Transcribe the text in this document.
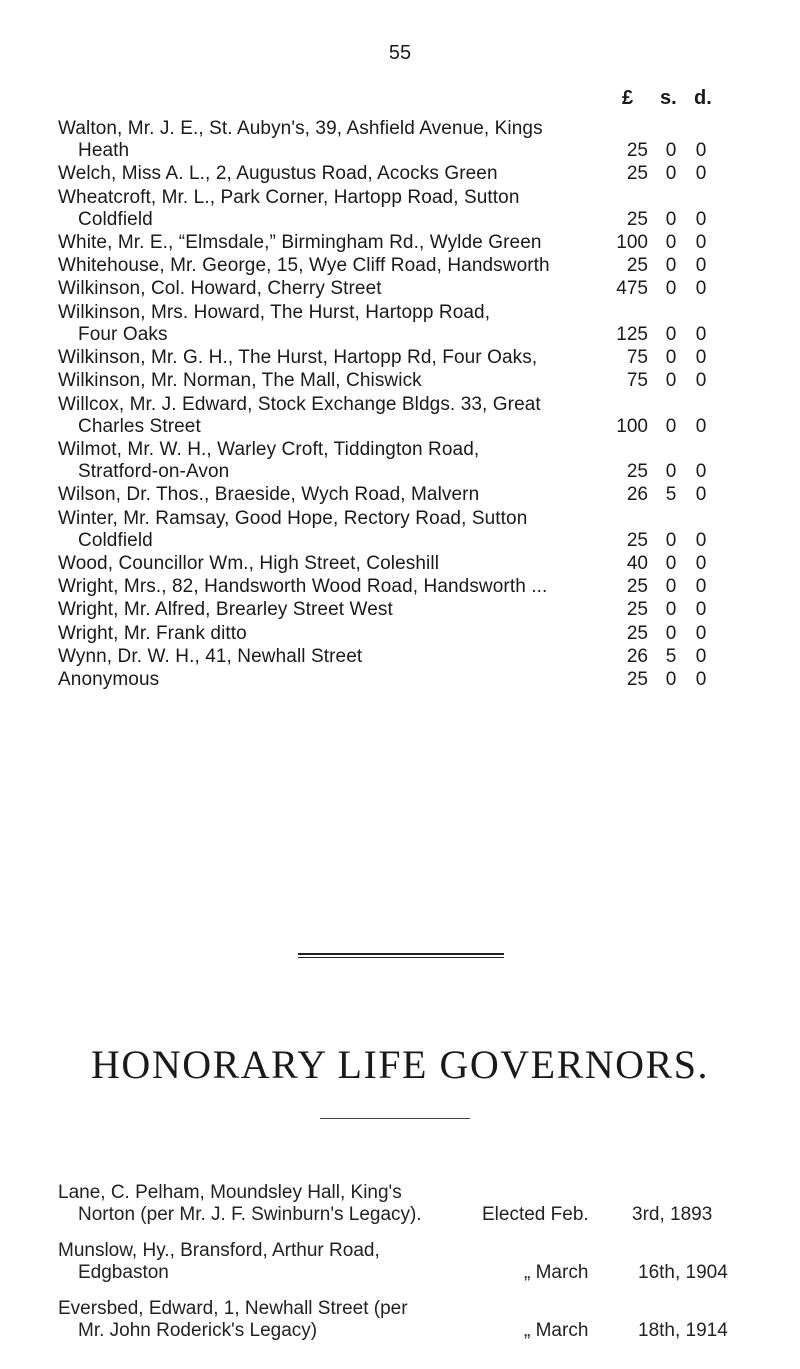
55
£ s. d.
Walton, Mr. J. E., St. Aubyn's, 39, Ashfield Avenue, Kings
Heath	25 0 0
Welch, Miss A. L., 2, Augustus Road, Acocks Green	25 0 0
Wheatcroft, Mr. L., Park Corner, Hartopp Road, Sutton
Coldfield	25 0 0
White, Mr. E., “Elmsdale,” Birmingham Rd., Wylde Green	100 0 0
Whitehouse, Mr. George, 15, Wye Cliff Road, Handsworth	25 0 0
Wilkinson, Col. Howard, Cherry Street	475 0 0
Wilkinson, Mrs. Howard, The Hurst, Hartopp Road,
Four Oaks	125 0 0
Wilkinson, Mr. G. H., The Hurst, Hartopp Rd, Four Oaks,	75 0 0
Wilkinson, Mr. Norman, The Mall, Chiswick	75 0 0
Willcox, Mr. J. Edward, Stock Exchange Bldgs. 33, Great
Charles Street	100 0 0
Wilmot, Mr. W. H., Warley Croft, Tiddington Road,
Stratford-on-Avon	25 0 0
Wilson, Dr. Thos., Braeside, Wych Road, Malvern	26 5 0
Winter, Mr. Ramsay, Good Hope, Rectory Road, Sutton
Coldfield	25 0 0
Wood, Councillor Wm., High Street, Coleshill	40 0 0
Wright, Mrs., 82, Handsworth Wood Road, Handsworth ...	25 0 0
Wright, Mr. Alfred, Brearley Street West	25 0 0
Wright, Mr. Frank ditto	25 0 0
Wynn, Dr. W. H., 41, Newhall Street	26 5 0
Anonymous	25 0 0
HONORARY LIFE GOVERNORS.
Lane, C. Pelham, Moundsley Hall, King's
Norton (per Mr. J. F. Swinburn's Legacy).	Elected Feb. 3rd, 1893
Munslow, Hy., Bransford, Arthur Road,
Edgbaston	„ March	16th, 1904
Eversbed, Edward, 1, Newhall Street (per
Mr. John Roderick's Legacy)	„ March	18th, 1914
